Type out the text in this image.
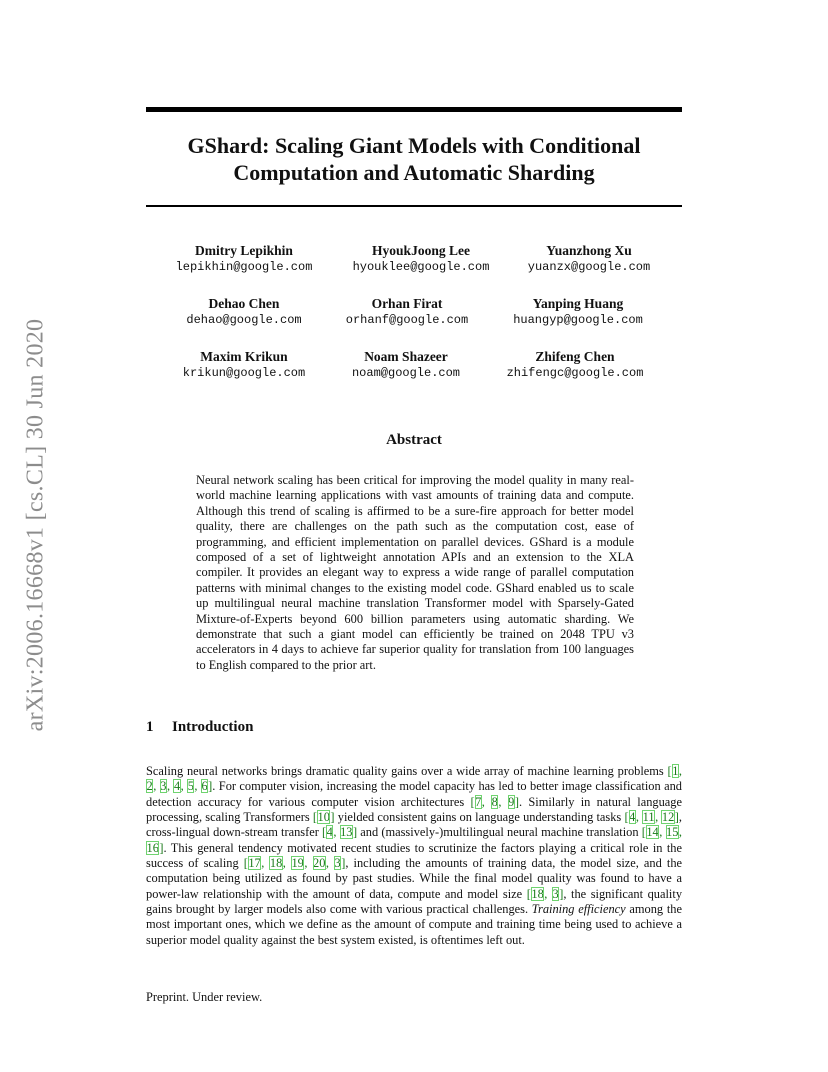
arXiv:2006.16668v1 [cs.CL] 30 Jun 2020
GShard: Scaling Giant Models with Conditional
Computation and Automatic Sharding
Dmitry Lepikhin
lepikhin@google.com
HyoukJoong Lee
hyouklee@google.com
Yuanzhong Xu
yuanzx@google.com
Dehao Chen
dehao@google.com
Orhan Firat
orhanf@google.com
Yanping Huang
huangyp@google.com
Maxim Krikun
krikun@google.com
Noam Shazeer
noam@google.com
Zhifeng Chen
zhifengc@google.com
Abstract
Neural network scaling has been critical for improving the model quality in many real-world machine learning applications with vast amounts of training data and compute. Although this trend of scaling is affirmed to be a sure-fire approach for better model quality, there are challenges on the path such as the computation cost, ease of programming, and efficient implementation on parallel devices. GShard is a module composed of a set of lightweight annotation APIs and an extension to the XLA compiler. It provides an elegant way to express a wide range of parallel computation patterns with minimal changes to the existing model code. GShard enabled us to scale up multilingual neural machine translation Transformer model with Sparsely-Gated Mixture-of-Experts beyond 600 billion parameters using automatic sharding. We demonstrate that such a giant model can efficiently be trained on 2048 TPU v3 accelerators in 4 days to achieve far superior quality for translation from 100 languages to English compared to the prior art.
1 Introduction
Scaling neural networks brings dramatic quality gains over a wide array of machine learning problems [1, 2, 3, 4, 5, 6]. For computer vision, increasing the model capacity has led to better image classification and detection accuracy for various computer vision architectures [7, 8, 9]. Similarly in natural language processing, scaling Transformers [10] yielded consistent gains on language understanding tasks [4, 11, 12], cross-lingual down-stream transfer [4, 13] and (massively-)multilingual neural machine translation [14, 15, 16]. This general tendency motivated recent studies to scrutinize the factors playing a critical role in the success of scaling [17, 18, 19, 20, 3], including the amounts of training data, the model size, and the computation being utilized as found by past studies. While the final model quality was found to have a power-law relationship with the amount of data, compute and model size [18, 3], the significant quality gains brought by larger models also come with various practical challenges. Training efficiency among the most important ones, which we define as the amount of compute and training time being used to achieve a superior model quality against the best system existed, is oftentimes left out.
Preprint. Under review.
